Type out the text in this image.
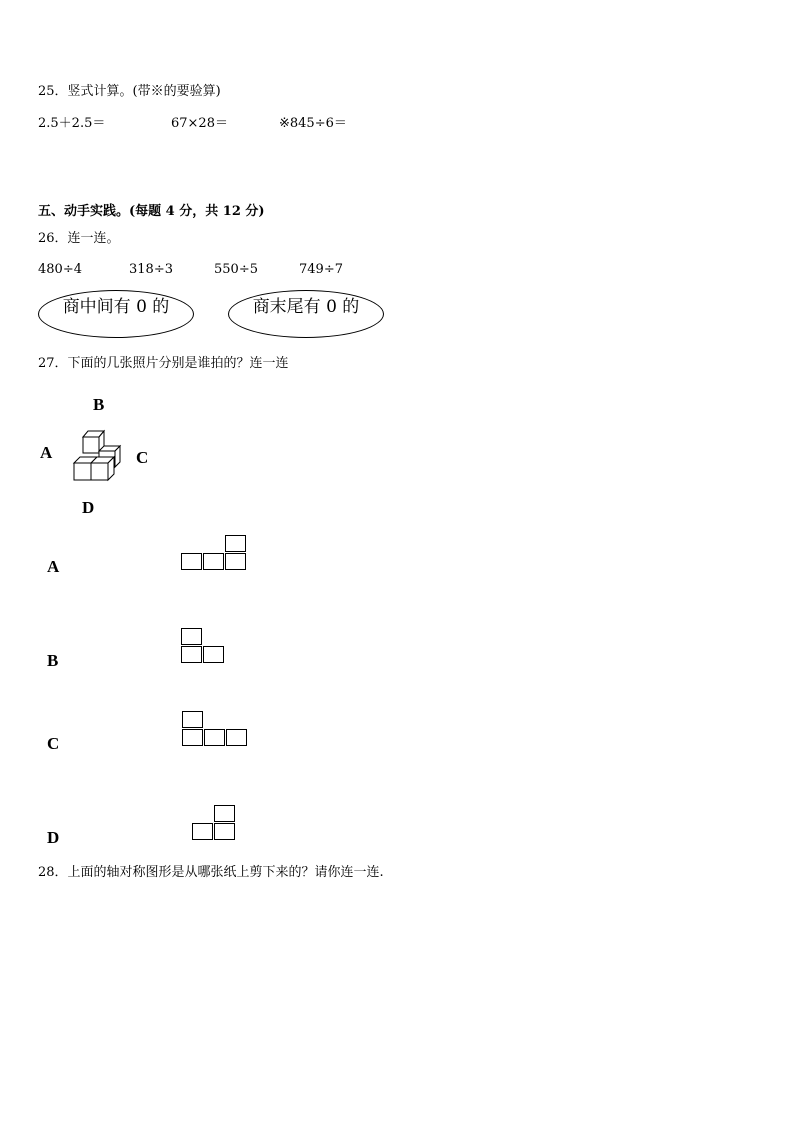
25．竖式计算。(带※的要验算)
2.5＋2.5＝	67×28＝	※845÷6＝
五、动手实践。(每题 4 分，共 12 分)
26．连一连。
480÷4	318÷3	550÷5	749÷7
商中间有 0 的	商末尾有 0 的
27．下面的几张照片分别是谁拍的？连一连
B
A	C
D
A
B
C
D
28．上面的轴对称图形是从哪张纸上剪下来的？请你连一连.
